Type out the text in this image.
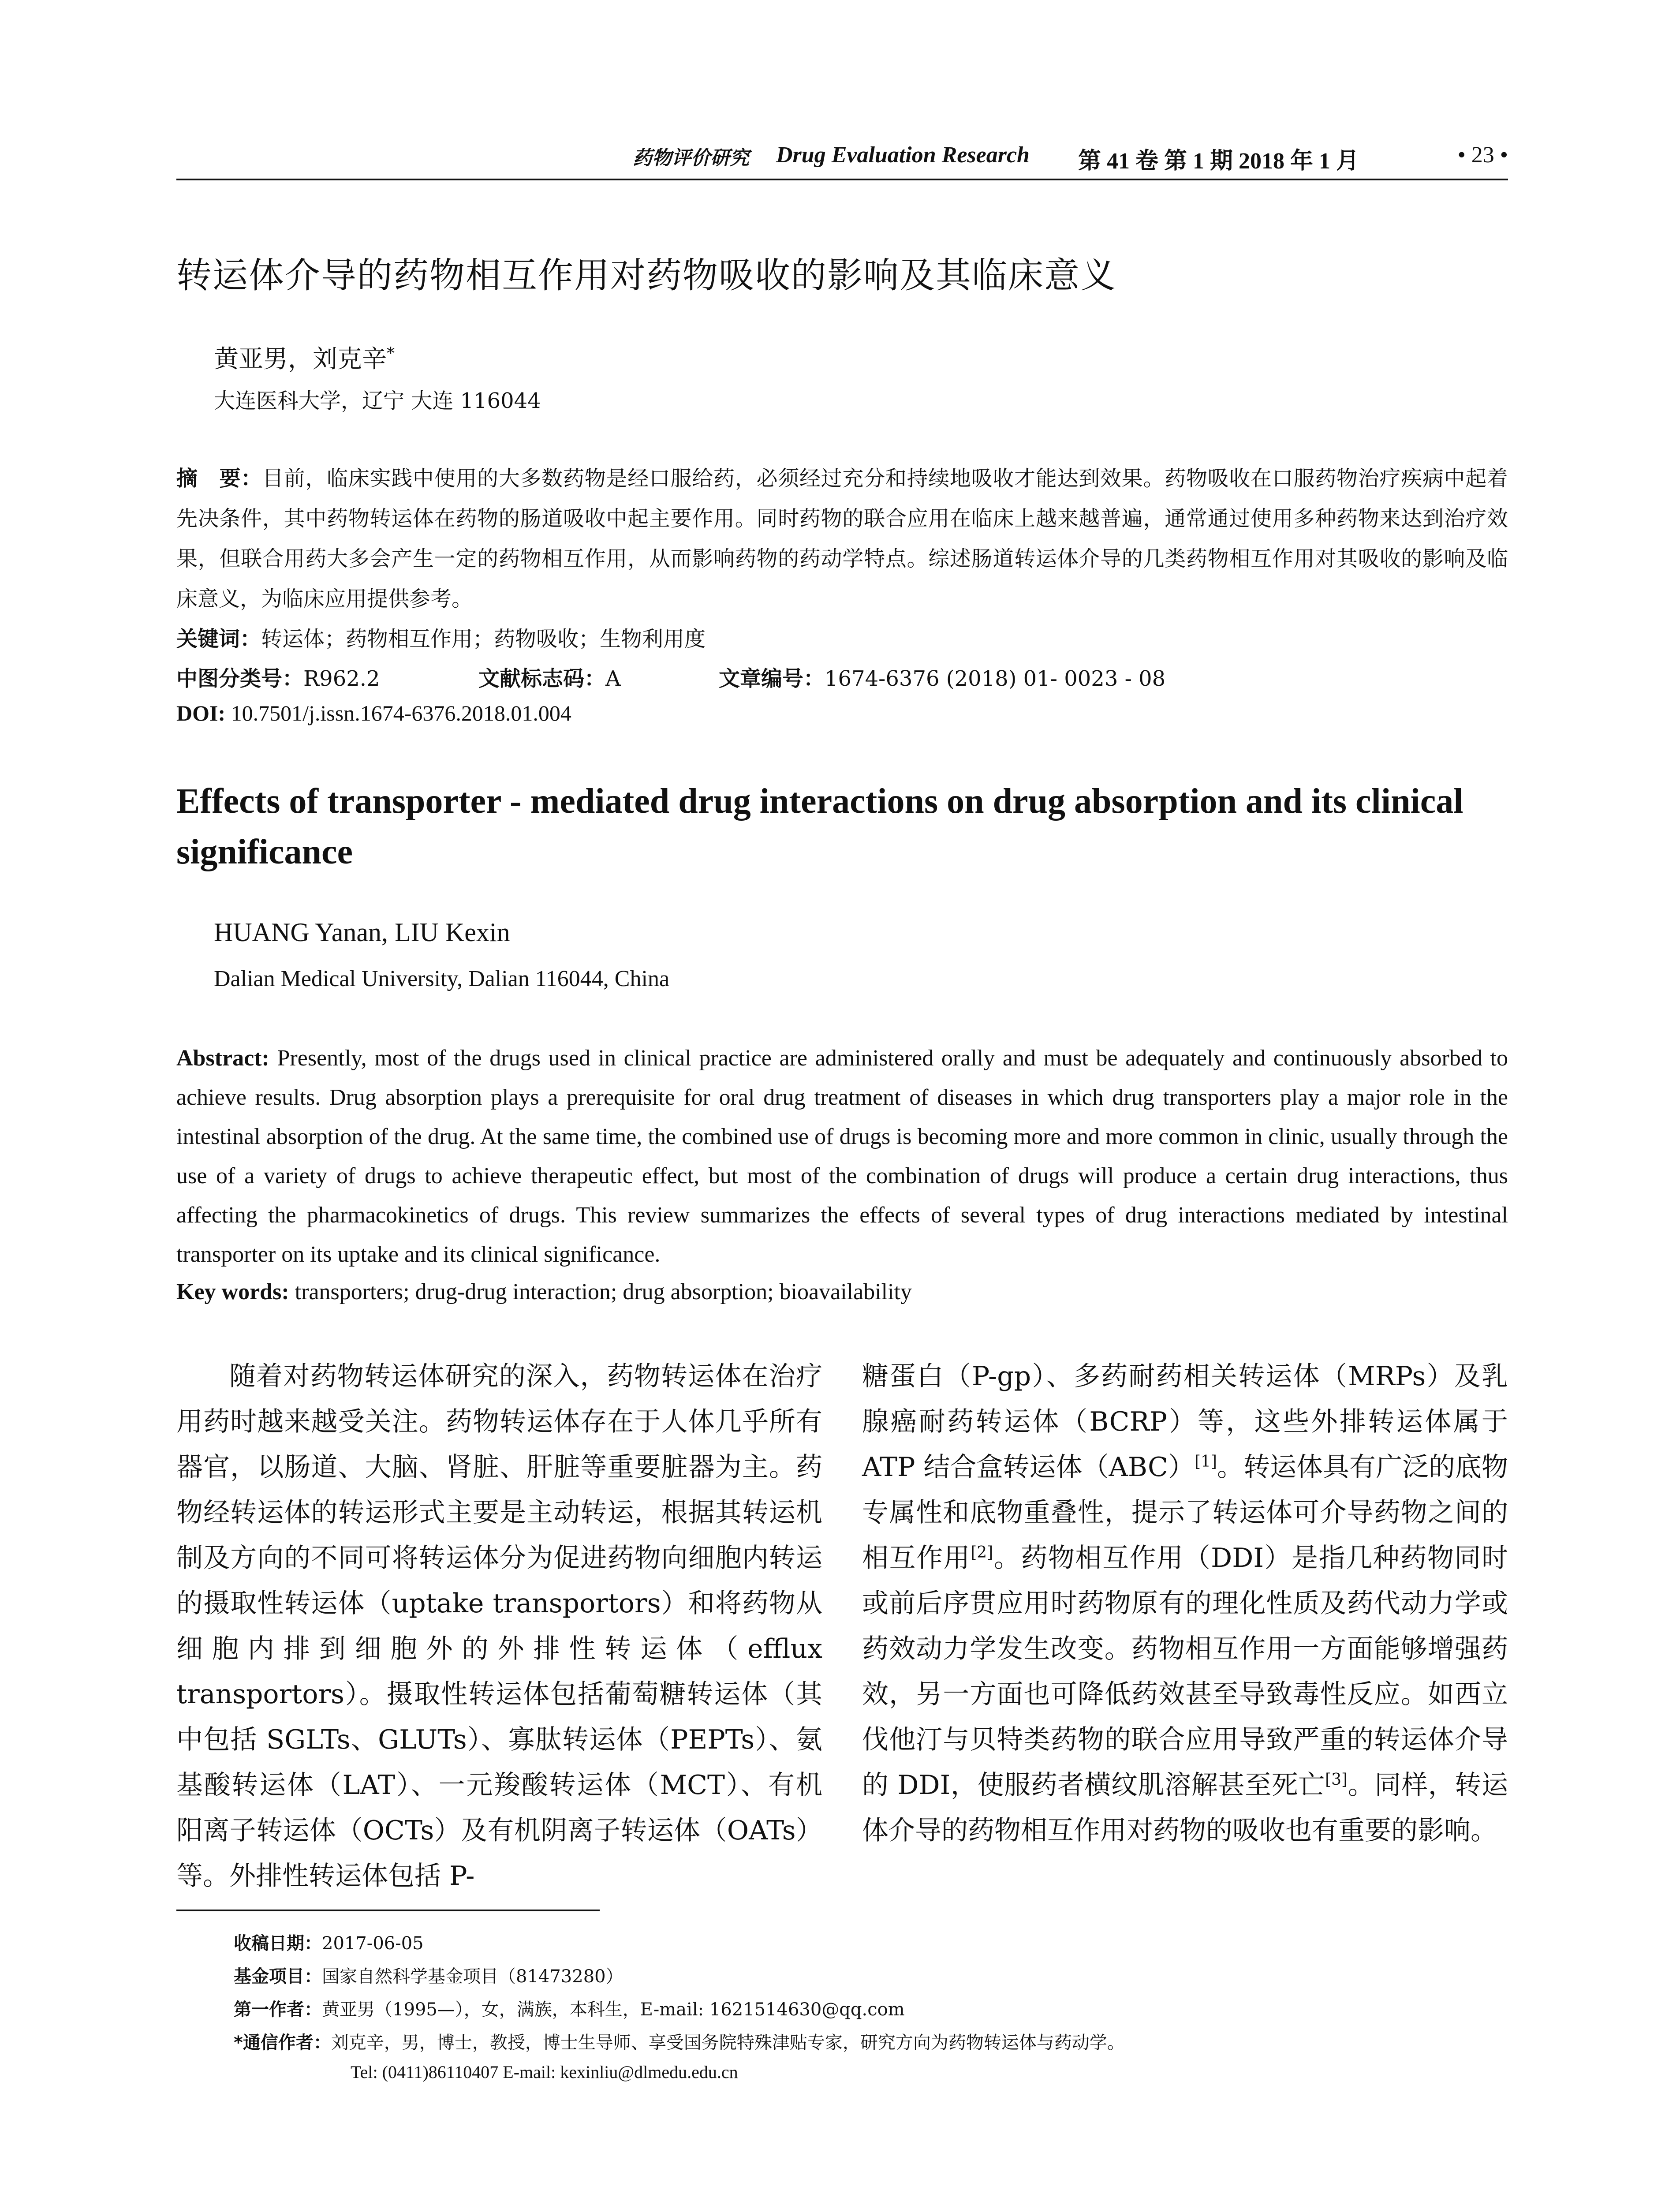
药物评价研究 Drug Evaluation Research 第 41 卷 第 1 期 2018 年 1 月	• 23 •
转运体介导的药物相互作用对药物吸收的影响及其临床意义
黄亚男，刘克辛*
大连医科大学，辽宁 大连 116044
摘　要：目前，临床实践中使用的大多数药物是经口服给药，必须经过充分和持续地吸收才能达到效果。药物吸收在口服药物治疗疾病中起着先决条件，其中药物转运体在药物的肠道吸收中起主要作用。同时药物的联合应用在临床上越来越普遍，通常通过使用多种药物来达到治疗效果，但联合用药大多会产生一定的药物相互作用，从而影响药物的药动学特点。综述肠道转运体介导的几类药物相互作用对其吸收的影响及临床意义，为临床应用提供参考。
关键词：转运体；药物相互作用；药物吸收；生物利用度
中图分类号：R962.2	文献标志码：A	文章编号：1674-6376 (2018) 01- 0023 - 08
DOI: 10.7501/j.issn.1674-6376.2018.01.004
Effects of transporter - mediated drug interactions on drug absorption and its clinical significance
HUANG Yanan, LIU Kexin
Dalian Medical University, Dalian 116044, China
Abstract: Presently, most of the drugs used in clinical practice are administered orally and must be adequately and continuously absorbed to achieve results. Drug absorption plays a prerequisite for oral drug treatment of diseases in which drug transporters play a major role in the intestinal absorption of the drug. At the same time, the combined use of drugs is becoming more and more common in clinic, usually through the use of a variety of drugs to achieve therapeutic effect, but most of the combination of drugs will produce a certain drug interactions, thus affecting the pharmacokinetics of drugs. This review summarizes the effects of several types of drug interactions mediated by intestinal transporter on its uptake and its clinical significance.
Key words: transporters; drug-drug interaction; drug absorption; bioavailability
随着对药物转运体研究的深入，药物转运体在治疗用药时越来越受关注。药物转运体存在于人体几乎所有器官，以肠道、大脑、肾脏、肝脏等重要脏器为主。药物经转运体的转运形式主要是主动转运，根据其转运机制及方向的不同可将转运体分为促进药物向细胞内转运的摄取性转运体（uptake transportors）和将药物从细胞内排到细胞外的外排性转运体（efflux transportors）。摄取性转运体包括葡萄糖转运体（其中包括 SGLTs、GLUTs）、寡肽转运体（PEPTs）、氨基酸转运体（LAT）、一元羧酸转运体（MCT）、有机阳离子转运体（OCTs）及有机阴离子转运体（OATs）等。外排性转运体包括 P-
糖蛋白（P-gp）、多药耐药相关转运体（MRPs）及乳腺癌耐药转运体（BCRP）等，这些外排转运体属于 ATP 结合盒转运体（ABC）[1]。转运体具有广泛的底物专属性和底物重叠性，提示了转运体可介导药物之间的相互作用[2]。药物相互作用（DDI）是指几种药物同时或前后序贯应用时药物原有的理化性质及药代动力学或药效动力学发生改变。药物相互作用一方面能够增强药效，另一方面也可降低药效甚至导致毒性反应。如西立伐他汀与贝特类药物的联合应用导致严重的转运体介导的 DDI，使服药者横纹肌溶解甚至死亡[3]。同样，转运体介导的药物相互作用对药物的吸收也有重要的影响。
收稿日期：2017-06-05
基金项目：国家自然科学基金项目（81473280）
第一作者：黄亚男（1995—），女，满族，本科生，E-mail: 1621514630@qq.com
*通信作者：刘克辛，男，博士，教授，博士生导师、享受国务院特殊津贴专家，研究方向为药物转运体与药动学。
Tel: (0411)86110407 E-mail: kexinliu@dlmedu.edu.cn
